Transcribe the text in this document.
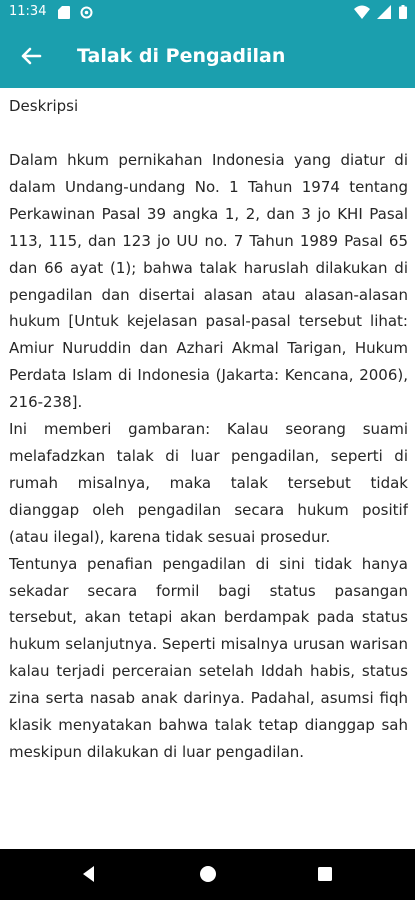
11:34

Talak di Pengadilan

Deskripsi

Dalam hkum pernikahan Indonesia yang diatur di dalam Undang-undang No. 1 Tahun 1974 tentang Perkawinan Pasal 39 angka 1, 2, dan 3 jo KHI Pasal 113, 115, dan 123 jo UU no. 7 Tahun 1989 Pasal 65 dan 66 ayat (1); bahwa talak haruslah dilakukan di pengadilan dan disertai alasan atau alasan-alasan hukum [Untuk kejelasan pasal-pasal tersebut lihat: Amiur Nuruddin dan Azhari Akmal Tarigan, Hukum Perdata Islam di Indonesia (Jakarta: Kencana, 2006), 216-238].

Ini memberi gambaran: Kalau seorang suami melafadzkan talak di luar pengadilan, seperti di rumah misalnya, maka talak tersebut tidak dianggap oleh pengadilan secara hukum positif (atau ilegal), karena tidak sesuai prosedur.

Tentunya penafian pengadilan di sini tidak hanya sekadar secara formil bagi status pasangan tersebut, akan tetapi akan berdampak pada status hukum selanjutnya. Seperti misalnya urusan warisan kalau terjadi perceraian setelah Iddah habis, status zina serta nasab anak darinya. Padahal, asumsi fiqh klasik menyatakan bahwa talak tetap dianggap sah meskipun dilakukan di luar pengadilan.
